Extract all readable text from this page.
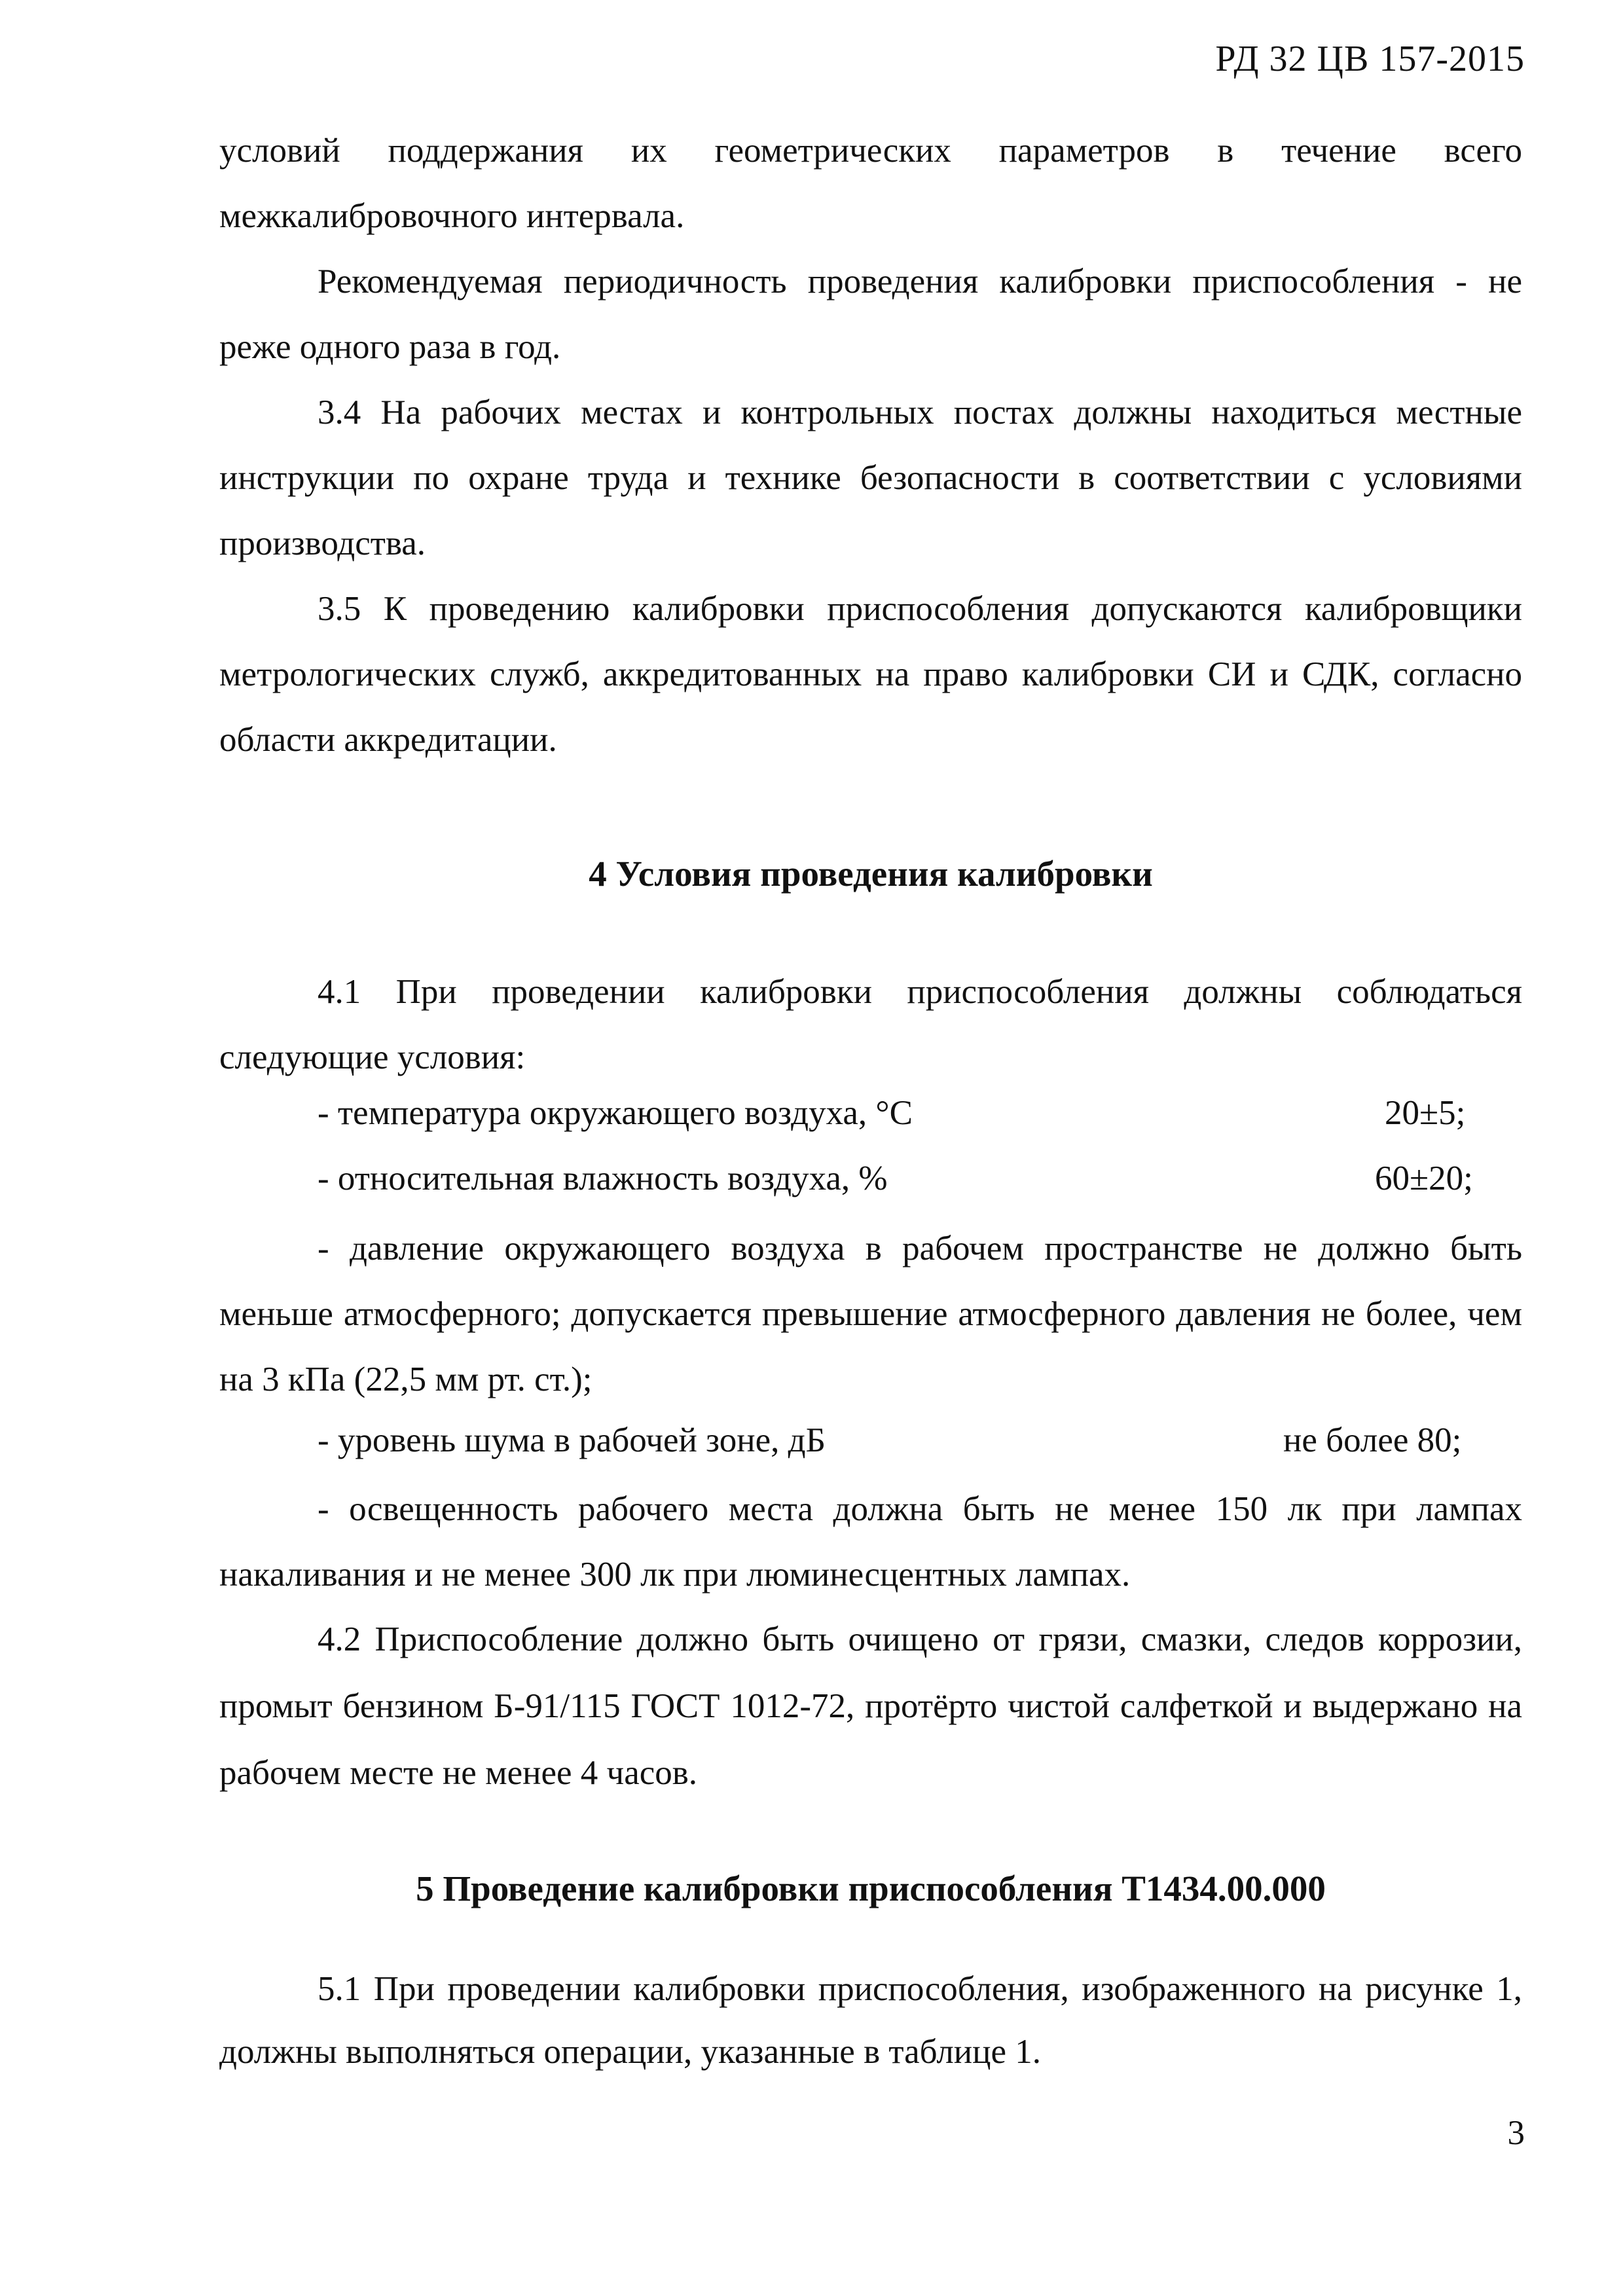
РД 32 ЦВ 157-2015

условий поддержания их геометрических параметров в течение всего межкалибровочного интервала.

Рекомендуемая периодичность проведения калибровки приспособления - не реже одного раза в год.

3.4 На рабочих местах и контрольных постах должны находиться местные инструкции по охране труда и технике безопасности в соответствии с условиями производства.

3.5 К проведению калибровки приспособления допускаются калибровщики метрологических служб, аккредитованных на право калибровки СИ и СДК, согласно области аккредитации.

4 Условия проведения калибровки

4.1 При проведении калибровки приспособления должны соблюдаться следующие условия:

- температура окружающего воздуха, °С	20±5;
- относительная влажность воздуха, %	60±20;

- давление окружающего воздуха в рабочем пространстве не должно быть меньше атмосферного; допускается превышение атмосферного давления не более, чем на 3 кПа (22,5 мм рт. ст.);

- уровень шума в рабочей зоне, дБ	не более 80;

- освещенность рабочего места должна быть не менее 150 лк при лампах накаливания и не менее 300 лк при люминесцентных лампах.

4.2 Приспособление должно быть очищено от грязи, смазки, следов коррозии, промыт бензином Б-91/115 ГОСТ 1012-72, протёрто чистой салфеткой и выдержано на рабочем месте не менее 4 часов.

5 Проведение калибровки приспособления Т1434.00.000

5.1 При проведении калибровки приспособления, изображенного на рисунке 1, должны выполняться операции, указанные в таблице 1.

3
